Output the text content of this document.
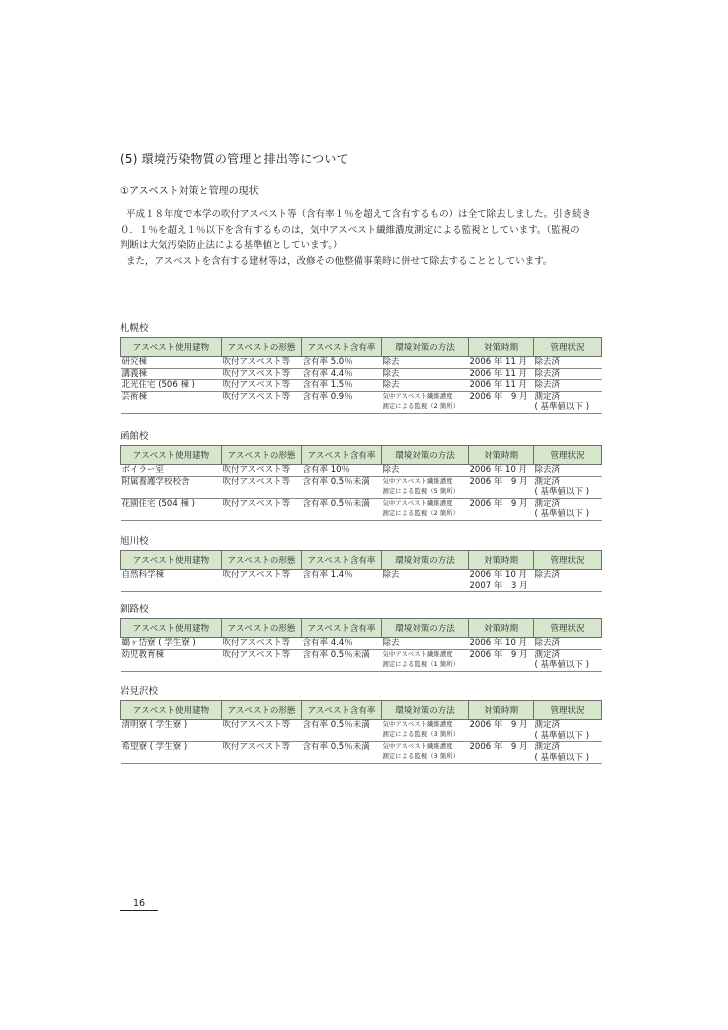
(5) 環境汚染物質の管理と排出等について
①アスベスト対策と管理の現状

平成１８年度で本学の吹付アスベスト等（含有率１％を超えて含有するもの）は全て除去しました。引き続き

０．１％を超え１％以下を含有するものは，気中アスベスト繊維濃度測定による監視としています。（監視の

判断は大気汚染防止法による基準値としています。）

また，アスベストを含有する建材等は，改修その他整備事業時に併せて除去することとしています。

札幌校
アスベスト使用建物	アスベストの形態	アスベスト含有率	環境対策の方法	対策時期	管理状況

研究棟	吹付アスベスト等	含有率 5.0％	除去	2006 年 11 月	除去済

講義棟	吹付アスベスト等	含有率 4.4％	除去	2006 年 11 月	除去済

北光住宅 (506 棟 )	吹付アスベスト等	含有率 1.5％	除去	2006 年 11 月	除去済

芸術棟	吹付アスベスト等	含有率 0.9％	気中アスベスト繊維濃度
測定による監視（2 箇所）	2006 年　9 月	測定済
( 基準値以下 )
函館校
アスベスト使用建物	アスベストの形態	アスベスト含有率	環境対策の方法	対策時期	管理状況

ボイラー室	吹付アスベスト等	含有率 10％	除去	2006 年 10 月	除去済

附属養護学校校舎	吹付アスベスト等	含有率 0.5％未満	気中アスベスト繊維濃度
測定による監視（5 箇所）	2006 年　9 月	測定済
( 基準値以下 )

花園住宅 (504 棟 )	吹付アスベスト等	含有率 0.5％未満	気中アスベスト繊維濃度
測定による監視（2 箇所）	2006 年　9 月	測定済
( 基準値以下 )
旭川校
アスベスト使用建物	アスベストの形態	アスベスト含有率	環境対策の方法	対策時期	管理状況

自然科学棟	吹付アスベスト等	含有率 1.4％	除去	2006 年 10 月
2007 年　3 月	除去済
釧路校
アスベスト使用建物	アスベストの形態	アスベスト含有率	環境対策の方法	対策時期	管理状況

鶴ヶ岱寮 ( 学生寮 )	吹付アスベスト等	含有率 4.4％	除去	2006 年 10 月	除去済

幼児教育棟	吹付アスベスト等	含有率 0.5％未満	気中アスベスト繊維濃度
測定による監視（1 箇所）	2006 年　9 月	測定済
( 基準値以下 )
岩見沢校
アスベスト使用建物	アスベストの形態	アスベスト含有率	環境対策の方法	対策時期	管理状況

清明寮 ( 学生寮 )	吹付アスベスト等	含有率 0.5％未満	気中アスベスト繊維濃度
測定による監視（3 箇所）	2006 年　9 月	測定済
( 基準値以下 )

希望寮 ( 学生寮 )	吹付アスベスト等	含有率 0.5％未満	気中アスベスト繊維濃度
測定による監視（3 箇所）	2006 年　9 月	測定済
( 基準値以下 )
16
